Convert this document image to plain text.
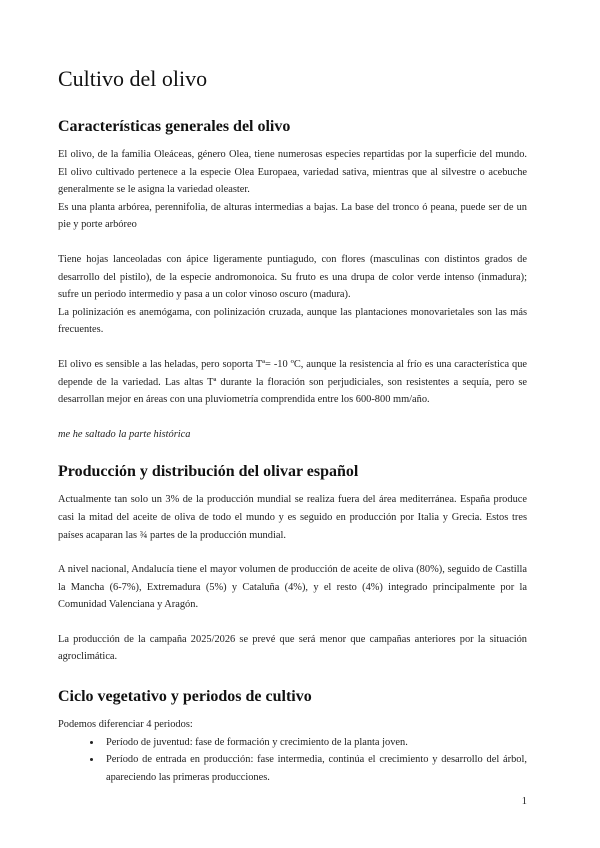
Cultivo del olivo
Características generales del olivo

El olivo, de la familia Oleáceas, género Olea, tiene numerosas especies repartidas por la superficie del mundo. El olivo cultivado pertenece a la especie Olea Europaea, variedad sativa, mientras que al silvestre o acebuche generalmente se le asigna la variedad oleaster.

Es una planta arbórea, perennifolia, de alturas intermedias a bajas. La base del tronco ó peana, puede ser de un pie y porte arbóreo

Tiene hojas lanceoladas con ápice ligeramente puntiagudo, con flores (masculinas con distintos grados de desarrollo del pistilo), de la especie andromonoica. Su fruto es una drupa de color verde intenso (inmadura); sufre un periodo intermedio y pasa a un color vinoso oscuro (madura).

La polinización es anemógama, con polinización cruzada, aunque las plantaciones monovarietales son las más frecuentes.

El olivo es sensible a las heladas, pero soporta Tª= -10 ºC, aunque la resistencia al frío es una característica que depende de la variedad. Las altas Tª durante la floración son perjudiciales, son resistentes a sequía, pero se desarrollan mejor en áreas con una pluviometría comprendida entre los 600-800 mm/año.

me he saltado la parte histórica

Producción y distribución del olivar español

Actualmente tan solo un 3% de la producción mundial se realiza fuera del área mediterránea. España produce casi la mitad del aceite de oliva de todo el mundo y es seguido en producción por Italia y Grecia. Estos tres países acaparan las ¾ partes de la producción mundial.

A nivel nacional, Andalucía tiene el mayor volumen de producción de aceite de oliva (80%), seguido de Castilla la Mancha (6-7%), Extremadura (5%) y Cataluña (4%), y el resto (4%) integrado principalmente por la Comunidad Valenciana y Aragón.

La producción de la campaña 2025/2026 se prevé que será menor que campañas anteriores por la situación agroclimática.

Ciclo vegetativo y periodos de cultivo

Podemos diferenciar 4 periodos:

• Período de juventud: fase de formación y crecimiento de la planta joven.
• Período de entrada en producción: fase intermedia, continúa el crecimiento y desarrollo del árbol, apareciendo las primeras producciones.
1
